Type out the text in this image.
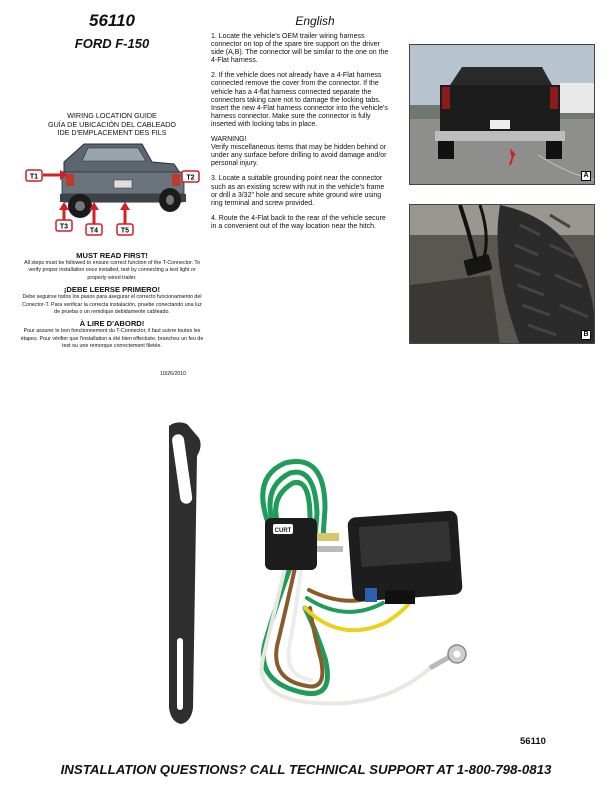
56110
FORD F-150
WIRING LOCATION GUIDE
GUÍA DE UBICACIÓN DEL CABLEADO
IDE D'EMPLACEMENT DES FILS
T1	T2
T3
T4	T5
MUST READ FIRST!
All steps must be followed to ensure correct function of the T-Connector. To verify proper installation once installed, test by connecting a test light or properly wired trailer.
¡DEBE LEERSE PRIMERO!
Debe seguirse todos los pasos para asegurar el correcto funcionamiento del Conector-T. Para verificar la correcta instalación, pruebe conectando una luz de prueba o un remolque debidamente cableado.
À LIRE D'ABORD!
Pour assurer le bon fonctionnement du T-Connector, il faut suivre toutes les étapes. Pour vérifier que l'installation a été bien effectuée, branchez un feu de test ou une remorque correctement filetée.
10/26/2010
English
1. Locate the vehicle's OEM trailer wiring harness connector on top of the spare tire support on the driver side (A,B). The connector will be similar to the one on the 4-Flat harness.
2. If the vehicle does not already have a 4-Flat harness connected remove the cover from the connector. If the vehicle has a 4-flat harness connected separate the connectors taking care not to damage the locking tabs. Insert the new 4-Flat harness connector into the vehicle's harness connector. Make sure the connector is fully inserted with locking tabs in place.
WARNING!
Verify miscellaneous items that may be hidden behind or under any surface before drilling to avoid damage and/or personal injury.
3. Locate a suitable grounding point near the connector such as an existing screw with nut in the vehicle's frame or drill a 3/32" hole and secure white ground wire using ring terminal and screw provided.
4. Route the 4-Flat back to the rear of the vehicle secure in a convenient out of the way location near the hitch.
A
B
CURT
56110
INSTALLATION QUESTIONS? CALL TECHNICAL SUPPORT AT 1-800-798-0813
